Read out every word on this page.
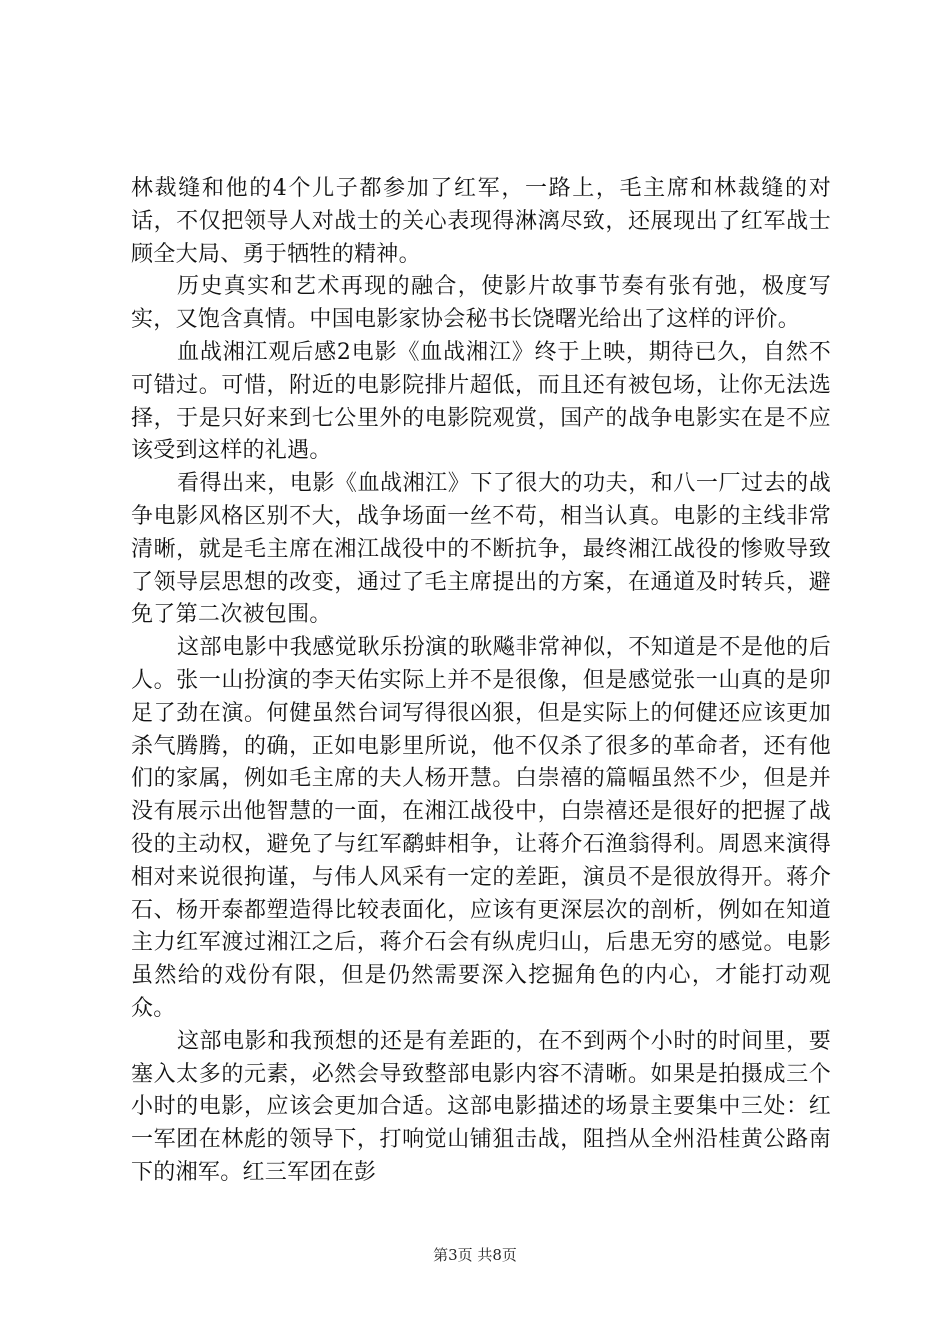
林裁缝和他的4个儿子都参加了红军，一路上，毛主席和林裁缝的对话，不仅把领导人对战士的关心表现得淋漓尽致，还展现出了红军战士顾全大局、勇于牺牲的精神。

历史真实和艺术再现的融合，使影片故事节奏有张有弛，极度写实，又饱含真情。中国电影家协会秘书长饶曙光给出了这样的评价。

血战湘江观后感2电影《血战湘江》终于上映，期待已久，自然不可错过。可惜，附近的电影院排片超低，而且还有被包场，让你无法选择，于是只好来到七公里外的电影院观赏，国产的战争电影实在是不应该受到这样的礼遇。

看得出来，电影《血战湘江》下了很大的功夫，和八一厂过去的战争电影风格区别不大，战争场面一丝不苟，相当认真。电影的主线非常清晰，就是毛主席在湘江战役中的不断抗争，最终湘江战役的惨败导致了领导层思想的改变，通过了毛主席提出的方案，在通道及时转兵，避免了第二次被包围。

这部电影中我感觉耿乐扮演的耿飚非常神似，不知道是不是他的后人。张一山扮演的李天佑实际上并不是很像，但是感觉张一山真的是卯足了劲在演。何健虽然台词写得很凶狠，但是实际上的何健还应该更加杀气腾腾，的确，正如电影里所说，他不仅杀了很多的革命者，还有他们的家属，例如毛主席的夫人杨开慧。白崇禧的篇幅虽然不少，但是并没有展示出他智慧的一面，在湘江战役中，白崇禧还是很好的把握了战役的主动权，避免了与红军鹬蚌相争，让蒋介石渔翁得利。周恩来演得相对来说很拘谨，与伟人风采有一定的差距，演员不是很放得开。蒋介石、杨开泰都塑造得比较表面化，应该有更深层次的剖析，例如在知道主力红军渡过湘江之后，蒋介石会有纵虎归山，后患无穷的感觉。电影虽然给的戏份有限，但是仍然需要深入挖掘角色的内心，才能打动观众。

这部电影和我预想的还是有差距的，在不到两个小时的时间里，要塞入太多的元素，必然会导致整部电影内容不清晰。如果是拍摄成三个小时的电影，应该会更加合适。这部电影描述的场景主要集中三处：红一军团在林彪的领导下，打响觉山铺狙击战，阻挡从全州沿桂黄公路南下的湘军。红三军团在彭

第3页 共8页
